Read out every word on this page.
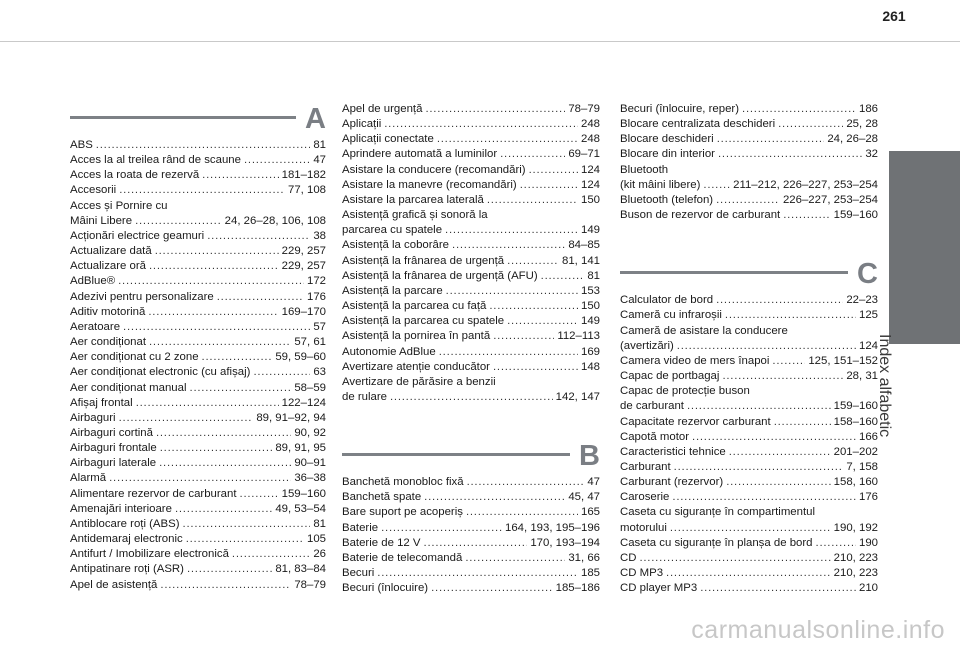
261
Index alfabetic
A
ABS . . .	81
Acces la al treilea rând de scaune . . .	47
Acces la roata de rezervă . . .	181–182
Accesorii . . .	77, 108
Acces și Pornire cu
Mâini Libere . . .	24, 26–28, 106, 108
Acționări electrice geamuri . . .	38
Actualizare dată . . .	229, 257
Actualizare oră . . .	229, 257
AdBlue® . . .	172
Adezivi pentru personalizare . . .	176
Aditiv motorină . . .	169–170
Aeratoare . . .	57
Aer condiționat . . .	57, 61
Aer condiționat cu 2 zone . . .	59, 59–60
Aer condiționat electronic (cu afișaj) . . .	63
Aer condiționat manual . . .	58–59
Afișaj frontal . . .	122–124
Airbaguri . . .	89, 91–92, 94
Airbaguri cortină . . .	90, 92
Airbaguri frontale . . .	89, 91, 95
Airbaguri laterale . . .	90–91
Alarmă . . .	36–38
Alimentare rezervor de carburant . . .	159–160
Amenajări interioare . . .	49, 53–54
Antiblocare roți (ABS) . . .	81
Antidemaraj electronic . . .	105
Antifurt / Imobilizare electronică . . .	26
Antipatinare roți (ASR) . . .	81, 83–84
Apel de asistență . . .	78–79
Apel de urgență . . .	78–79
Aplicații . . .	248
Aplicații conectate . . .	248
Aprindere automată a luminilor . . .	69–71
Asistare la conducere (recomandări) . . .	124
Asistare la manevre (recomandări) . . .	124
Asistare la parcarea laterală . . .	150
Asistență grafică și sonoră la
parcarea cu spatele . . .	149
Asistență la coborâre . . .	84–85
Asistență la frânarea de urgență . . .	81, 141
Asistență la frânarea de urgență (AFU) . . .	81
Asistență la parcare . . .	153
Asistență la parcarea cu față . . .	150
Asistență la parcarea cu spatele . . .	149
Asistență la pornirea în pantă . . .	112–113
Autonomie AdBlue . . .	169
Avertizare atenție conducător . . .	148
Avertizare de părăsire a benzii
de rulare . . .	142, 147
B
Banchetă monobloc fixă . . .	47
Banchetă spate . . .	45, 47
Bare suport pe acoperiș . . .	165
Baterie . . .	164, 193, 195–196
Baterie de 12 V . . .	170, 193–194
Baterie de telecomandă . . .	31, 66
Becuri . . .	185
Becuri (înlocuire) . . .	185–186
Becuri (înlocuire, reper) . . .	186
Blocare centralizata deschideri . . .	25, 28
Blocare deschideri . . .	24, 26–28
Blocare din interior . . .	32
Bluetooth
(kit mâini libere) . . .	211–212, 226–227, 253–254
Bluetooth (telefon) . . .	226–227, 253–254
Buson de rezervor de carburant . . .	159–160
C
Calculator de bord . . .	22–23
Cameră cu infraroșii . . .	125
Cameră de asistare la conducere
(avertizări) . . .	124
Camera video de mers înapoi . . .	125, 151–152
Capac de portbagaj . . .	28, 31
Capac de protecție buson
de carburant . . .	159–160
Capacitate rezervor carburant . . .	158–160
Capotă motor . . .	166
Caracteristici tehnice . . .	201–202
Carburant . . .	7, 158
Carburant (rezervor) . . .	158, 160
Caroserie . . .	176
Caseta cu siguranțe în compartimentul
motorului . . .	190, 192
Caseta cu siguranțe în planșa de bord . . .	190
CD . . .	210, 223
CD MP3 . . .	210, 223
CD player MP3 . . .	210
carmanualsonline.info
